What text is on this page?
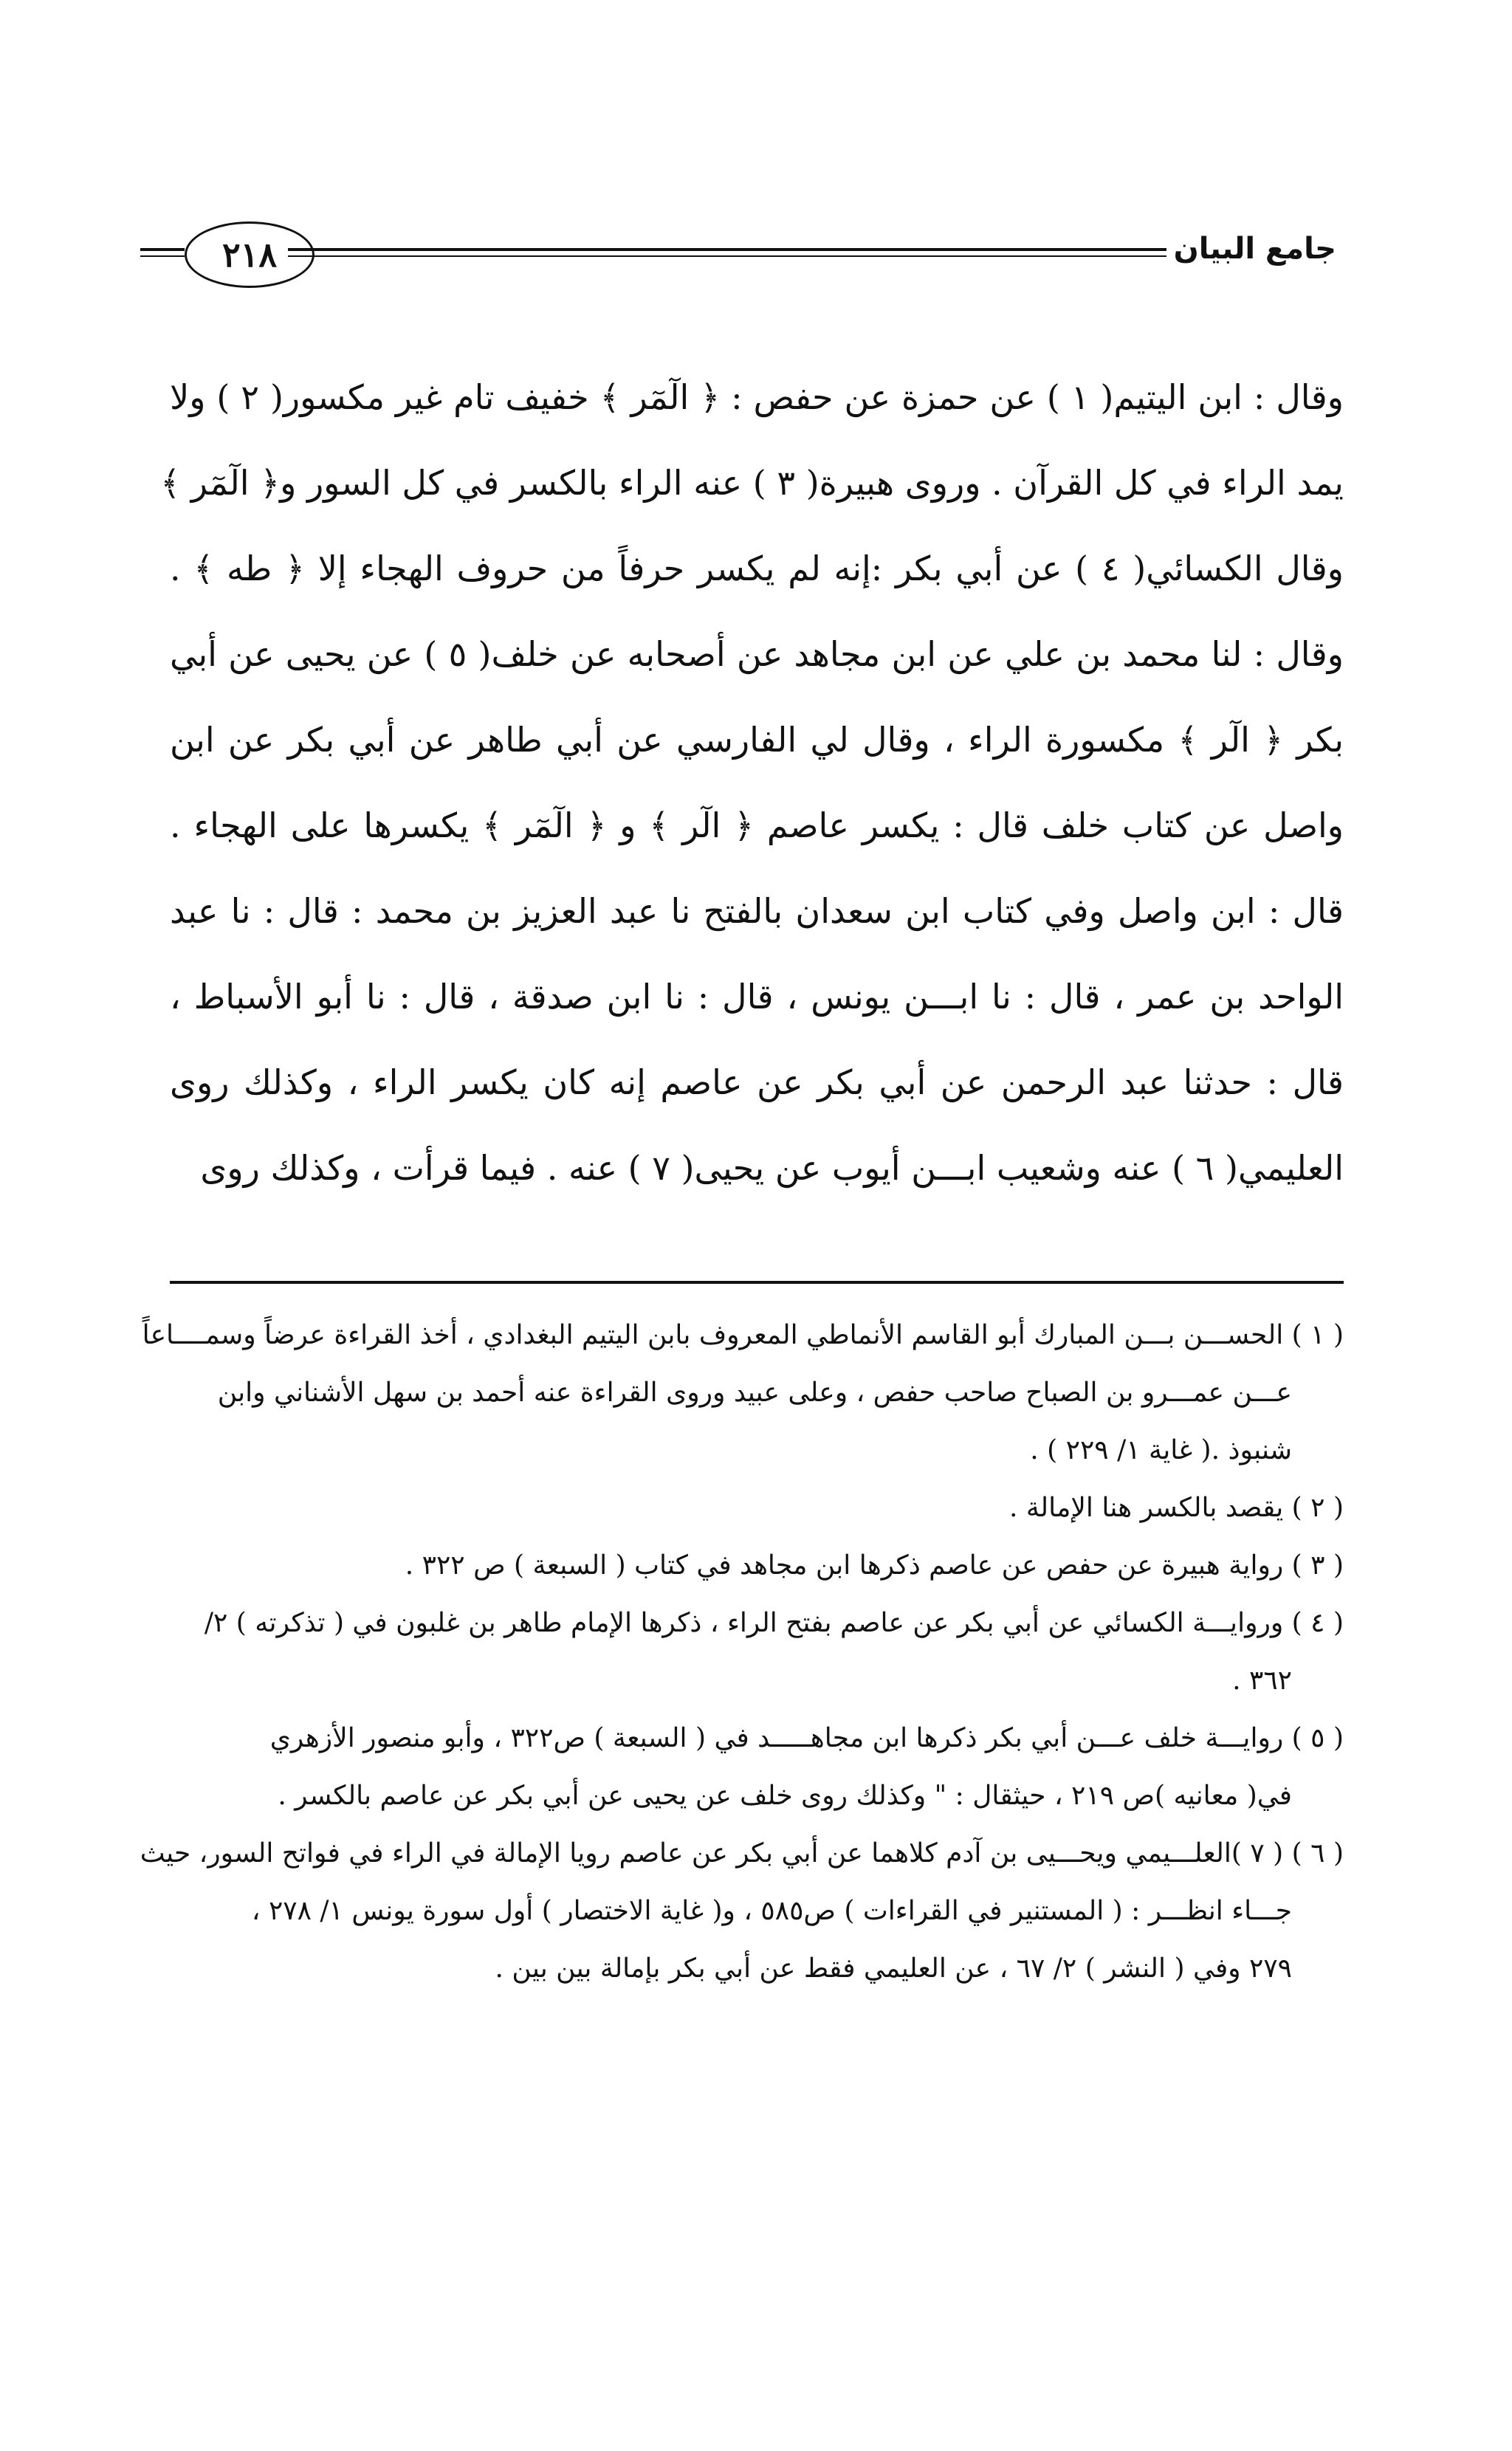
٢١٨	جامع البيان
وقال : ابن اليتيم( ١ ) عن حمزة عن حفص : ﴿ الٓمٓر ﴾ خفيف تام غير مكسور( ٢ ) ولا
يمد الراء في كل القرآن . وروى هبيرة( ٣ ) عنه الراء بالكسر في كل السور و﴿ الٓمٓر ﴾
وقال الكسائي( ٤ ) عن أبي بكر :إنه لم يكسر حرفاً من حروف الهجاء إلا ﴿ طه ﴾ .
وقال : لنا محمد بن علي عن ابن مجاهد عن أصحابه عن خلف( ٥ ) عن يحيى عن أبي
بكر ﴿ الٓر ﴾ مكسورة الراء ، وقال لي الفارسي عن أبي طاهر عن أبي بكر عن ابن
واصل عن كتاب خلف قال : يكسر عاصم ﴿ الٓر ﴾ و ﴿ الٓمٓر ﴾ يكسرها على الهجاء .
قال : ابن واصل وفي كتاب ابن سعدان بالفتح نا عبد العزيز بن محمد : قال : نا عبد
الواحد بن عمر ، قال : نا ابـــن يونس ، قال : نا ابن صدقة ، قال : نا أبو الأسباط ،
قال : حدثنا عبد الرحمن عن أبي بكر عن عاصم إنه كان يكسر الراء ، وكذلك روى
العليمي( ٦ ) عنه وشعيب ابـــن أيوب عن يحيى( ٧ ) عنه . فيما قرأت ، وكذلك روى
( ١ ) الحســـن بـــن المبارك أبو القاسم الأنماطي المعروف بابن اليتيم البغدادي ، أخذ القراءة عرضاً وسمــــاعاً
عـــن عمـــرو بن الصباح صاحب حفص ، وعلى عبيد وروى القراءة عنه أحمد بن سهل الأشناني وابن
شنبوذ .( غاية ١/ ٢٢٩ ) .
( ٢ ) يقصد بالكسر هنا الإمالة .
( ٣ ) رواية هبيرة عن حفص عن عاصم ذكرها ابن مجاهد في كتاب ( السبعة ) ص ٣٢٢ .
( ٤ ) وروايـــة الكسائي عن أبي بكر عن عاصم بفتح الراء ، ذكرها الإمام طاهر بن غلبون في ( تذكرته ) ٢/
٣٦٢ .
( ٥ ) روايـــة خلف عـــن أبي بكر ذكرها ابن مجاهـــــد في ( السبعة ) ص٣٢٢ ، وأبو منصور الأزهري
في( معانيه )ص ٢١٩ ، حيثقال : " وكذلك روى خلف عن يحيى عن أبي بكر عن عاصم بالكسر .
( ٦ ) ( ٧ )العلـــيمي ويحـــيى بن آدم كلاهما عن أبي بكر عن عاصم رويا الإمالة في الراء في فواتح السور، حيث
جـــاء انظـــر : ( المستنير في القراءات ) ص٥٨٥ ، و( غاية الاختصار ) أول سورة يونس ١/ ٢٧٨ ،
٢٧٩ وفي ( النشر ) ٢/ ٦٧ ، عن العليمي فقط عن أبي بكر بإمالة بين بين .
